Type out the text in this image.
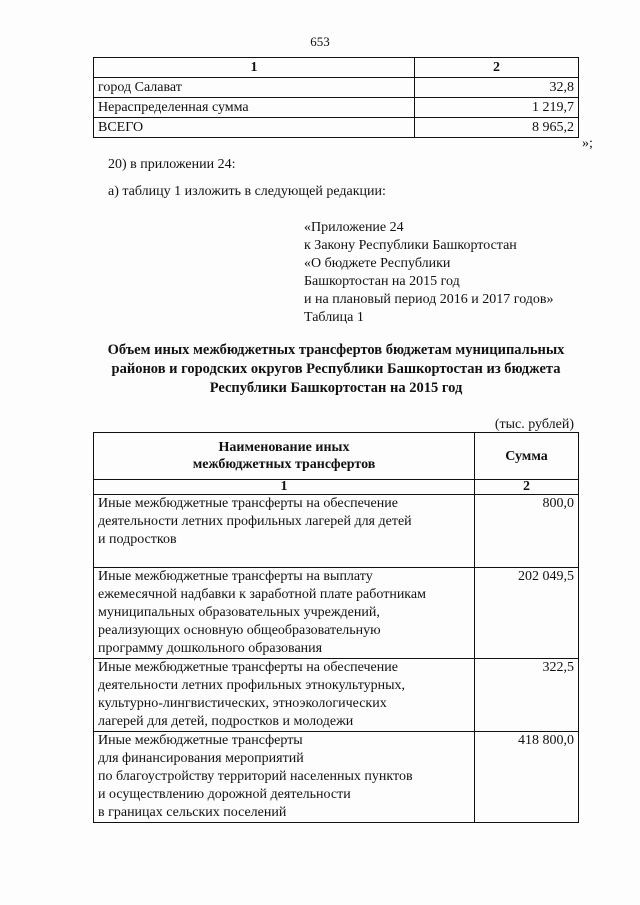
653
1	2
город Салават	32,8
Нераспределенная сумма	1 219,7
ВСЕГО	8 965,2
»;
20) в приложении 24:
а) таблицу 1 изложить в следующей редакции:
«Приложение 24
к Закону Республики Башкортостан
«О бюджете Республики
Башкортостан на 2015 год
и на плановый период 2016 и 2017 годов»
Таблица 1
Объем иных межбюджетных трансфертов бюджетам муниципальных
районов и городских округов Республики Башкортостан из бюджета
Республики Башкортостан на 2015 год
(тыс. рублей)
Наименование иных
межбюджетных трансфертов	Сумма
1	2

Иные межбюджетные трансферты на обеспечение
деятельности летних профильных лагерей для детей
и подростков	800,0

Иные межбюджетные трансферты на выплату
ежемесячной надбавки к заработной плате работникам
муниципальных образовательных учреждений,
реализующих основную общеобразовательную
программу дошкольного образования	202 049,5

Иные межбюджетные трансферты на обеспечение
деятельности летних профильных этнокультурных,
культурно-лингвистических, этноэкологических
лагерей для детей, подростков и молодежи	322,5

Иные межбюджетные трансферты
для финансирования мероприятий
по благоустройству территорий населенных пунктов
и осуществлению дорожной деятельности
в границах сельских поселений	418 800,0
